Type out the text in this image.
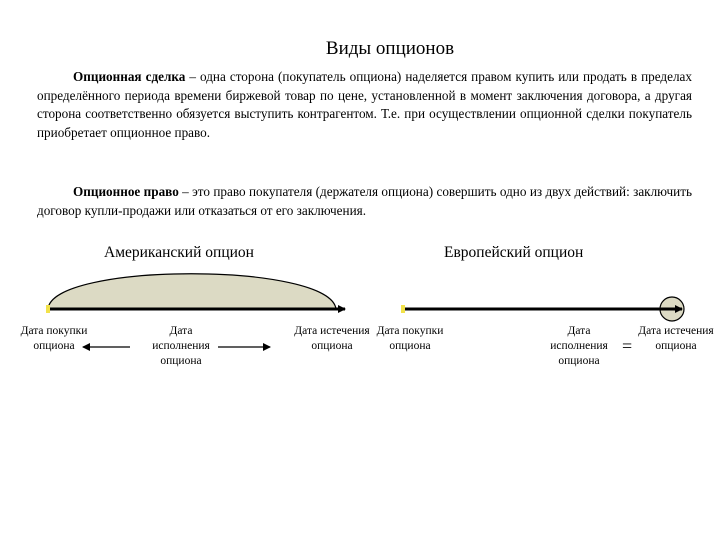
Виды опционов
Опционная сделка – одна сторона (покупатель опциона) наделяется правом купить или продать в пределах определённого периода времени биржевой товар по цене, установленной в момент заключения договора, а другая сторона соответственно обязуется выступить контрагентом. Т.е. при осуществлении опционной сделки покупатель приобретает опционное право.
Опционное право – это право покупателя (держателя опциона) совершить одно из двух действий: заключить договор купли-продажи или отказаться от его заключения.
Американский опцион	Европейский опцион
Дата покупки опциона
Дата исполнения опциона
Дата истечения опциона
Дата покупки опциона
Дата исполнения опциона
=
Дата истечения опциона
